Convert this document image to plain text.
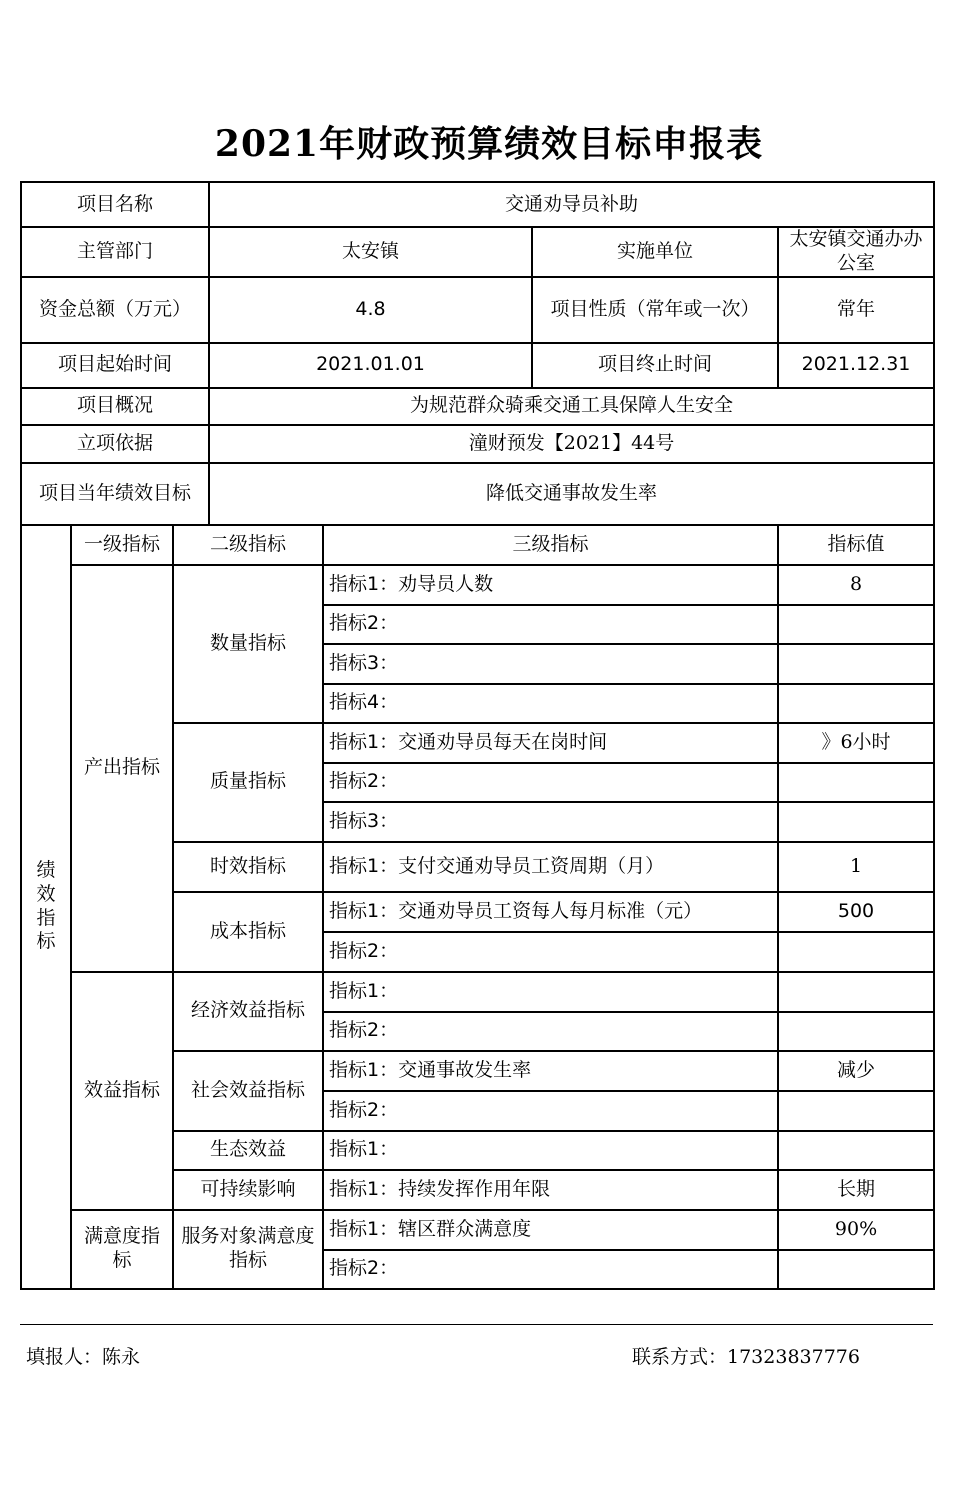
2021年财政预算绩效目标申报表
项目名称			交通劝导员补助			
主管部门			太安镇		实施单位	太安镇交通办办公室
资金总额（万元）			4.8		项目性质（常年或一次）	常年
项目起始时间			2021.01.01		项目终止时间	2021.12.31
项目概况			为规范群众骑乘交通工具保障人生安全			
立项依据			潼财预发【2021】44号			
项目当年绩效目标			降低交通事故发生率			
绩
效
指
标	一级指标	二级指标		三级指标		指标值
	产出指标	数量指标		指标1：劝导员人数		8
				指标2：		
				指标3：		
				指标4：		
		质量指标		指标1：交通劝导员每天在岗时间		》6小时
				指标2：		
				指标3：		
		时效指标		指标1：支付交通劝导员工资周期（月）		1
		成本指标		指标1：交通劝导员工资每人每月标准（元）		500
				指标2：		
	效益指标	经济效益指标		指标1：		
				指标2：		
		社会效益指标		指标1：交通事故发生率		减少
				指标2：		
		生态效益		指标1：		
		可持续影响		指标1：持续发挥作用年限		长期
	满意度指标	服务对象满意度指标		指标1：辖区群众满意度		90%
				指标2：		
填报人：陈永	联系方式：17323837776
